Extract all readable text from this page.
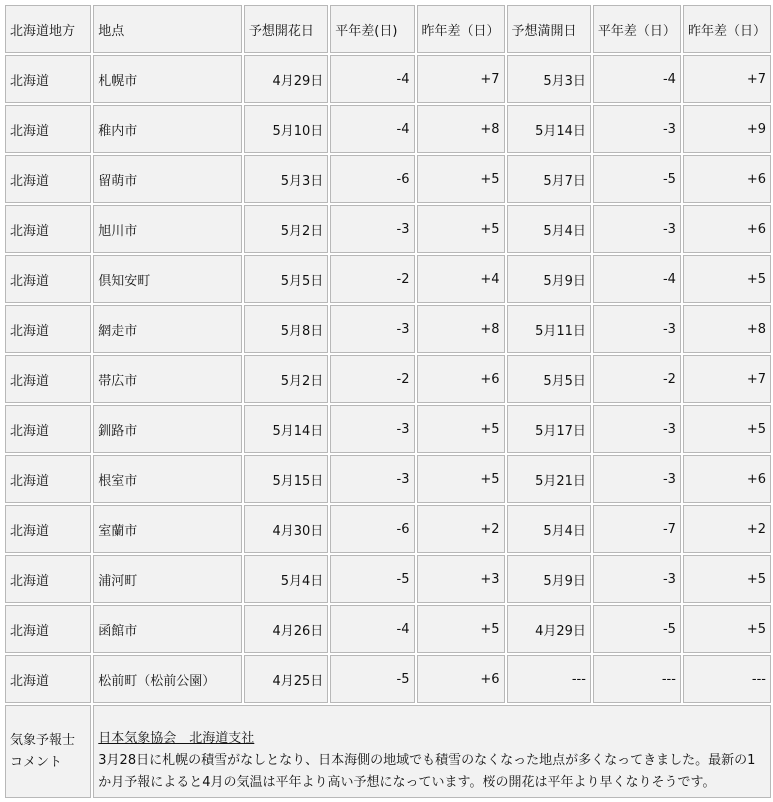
北海道地方	地点	予想開花日	平年差(日)	昨年差（日）	予想満開日	平年差（日）	昨年差（日）
北海道	札幌市	4月29日	-4	+7	5月3日	-4	+7
北海道	稚内市	5月10日	-4	+8	5月14日	-3	+9
北海道	留萌市	5月3日	-6	+5	5月7日	-5	+6
北海道	旭川市	5月2日	-3	+5	5月4日	-3	+6
北海道	倶知安町	5月5日	-2	+4	5月9日	-4	+5
北海道	網走市	5月8日	-3	+8	5月11日	-3	+8
北海道	帯広市	5月2日	-2	+6	5月5日	-2	+7
北海道	釧路市	5月14日	-3	+5	5月17日	-3	+5
北海道	根室市	5月15日	-3	+5	5月21日	-3	+6
北海道	室蘭市	4月30日	-6	+2	5月4日	-7	+2
北海道	浦河町	5月4日	-5	+3	5月9日	-3	+5
北海道	函館市	4月26日	-4	+5	4月29日	-5	+5
北海道	松前町（松前公園）	4月25日	-5	+6	---	---	---
気象予報士
コメント	日本気象協会　北海道支社
3月28日に札幌の積雪がなしとなり、日本海側の地域でも積雪のなくなった地点が多くなってきました。最新の1か月予報によると4月の気温は平年より高い予想になっています。桜の開花は平年より早くなりそうです。						
